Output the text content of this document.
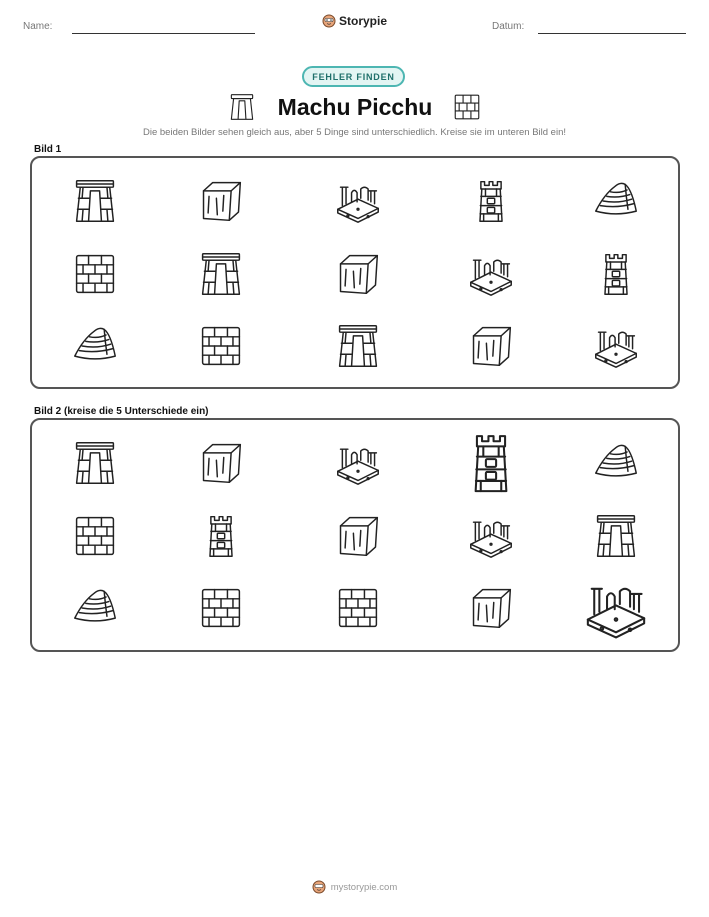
Name:	Storypie	Datum:
FEHLER FINDEN
Machu Picchu
Die beiden Bilder sehen gleich aus, aber 5 Dinge sind unterschiedlich. Kreise sie im unteren Bild ein!
Bild 1
Bild 2 (kreise die 5 Unterschiede ein)
mystorypie.com
